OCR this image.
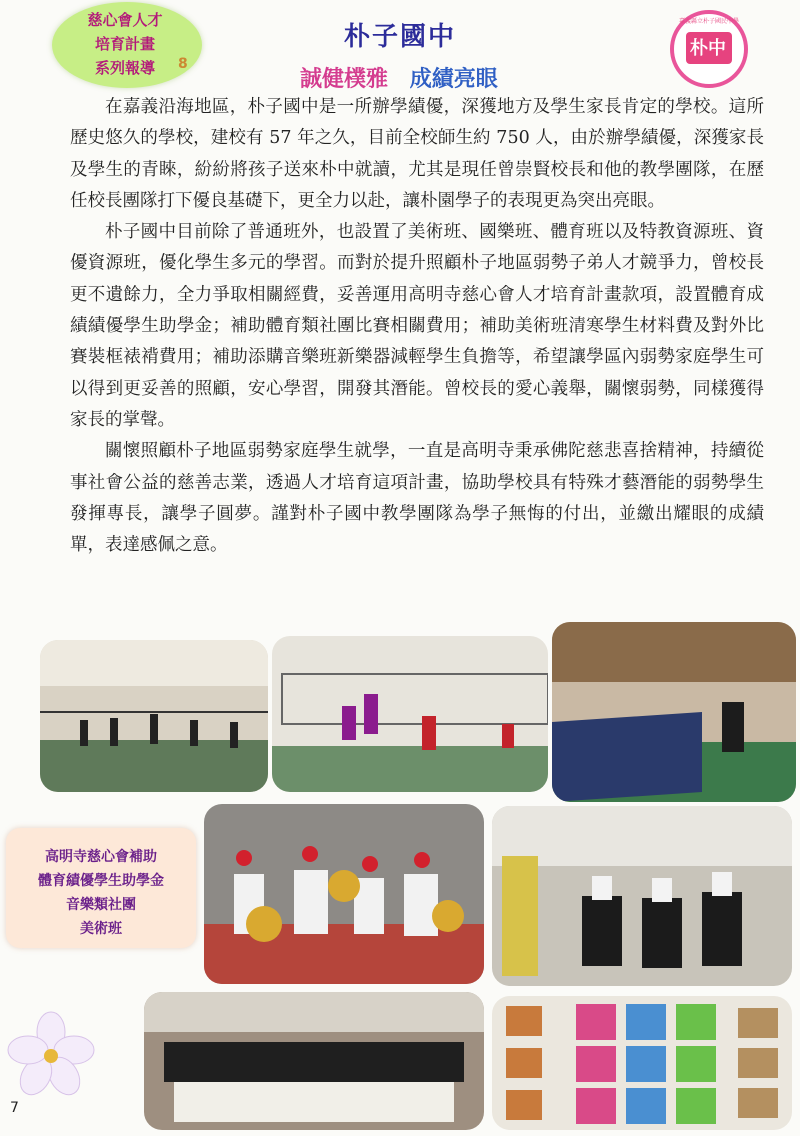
慈心會人才
培育計畫
系列報導	8
朴子國中
誠健樸雅 成績亮眼
嘉義縣立朴子國民中學
朴中

在嘉義沿海地區，朴子國中是一所辦學績優，深獲地方及學生家長肯定的學校。這所歷史悠久的學校，建校有 57 年之久，目前全校師生約 750 人，由於辦學績優，深獲家長及學生的青睞，紛紛將孩子送來朴中就讀，尤其是現任曾崇賢校長和他的教學團隊，在歷任校長團隊打下優良基礎下，更全力以赴，讓朴園學子的表現更為突出亮眼。

朴子國中目前除了普通班外，也設置了美術班、國樂班、體育班以及特教資源班、資優資源班，優化學生多元的學習。而對於提升照顧朴子地區弱勢子弟人才競爭力，曾校長更不遺餘力，全力爭取相關經費，妥善運用高明寺慈心會人才培育計畫款項，設置體育成績績優學生助學金；補助體育類社團比賽相關費用；補助美術班清寒學生材料費及對外比賽裝框裱褙費用；補助添購音樂班新樂器減輕學生負擔等，希望讓學區內弱勢家庭學生可以得到更妥善的照顧，安心學習，開發其潛能。曾校長的愛心義舉，關懷弱勢，同樣獲得家長的掌聲。

關懷照顧朴子地區弱勢家庭學生就學，一直是高明寺秉承佛陀慈悲喜捨精神，持續從事社會公益的慈善志業，透過人才培育這項計畫，協助學校具有特殊才藝潛能的弱勢學生發揮專長，讓學子圓夢。謹對朴子國中教學團隊為學子無悔的付出，並繳出耀眼的成績單，表達感佩之意。

高明寺慈心會補助
體育績優學生助學金
音樂類社團
美術班
7
